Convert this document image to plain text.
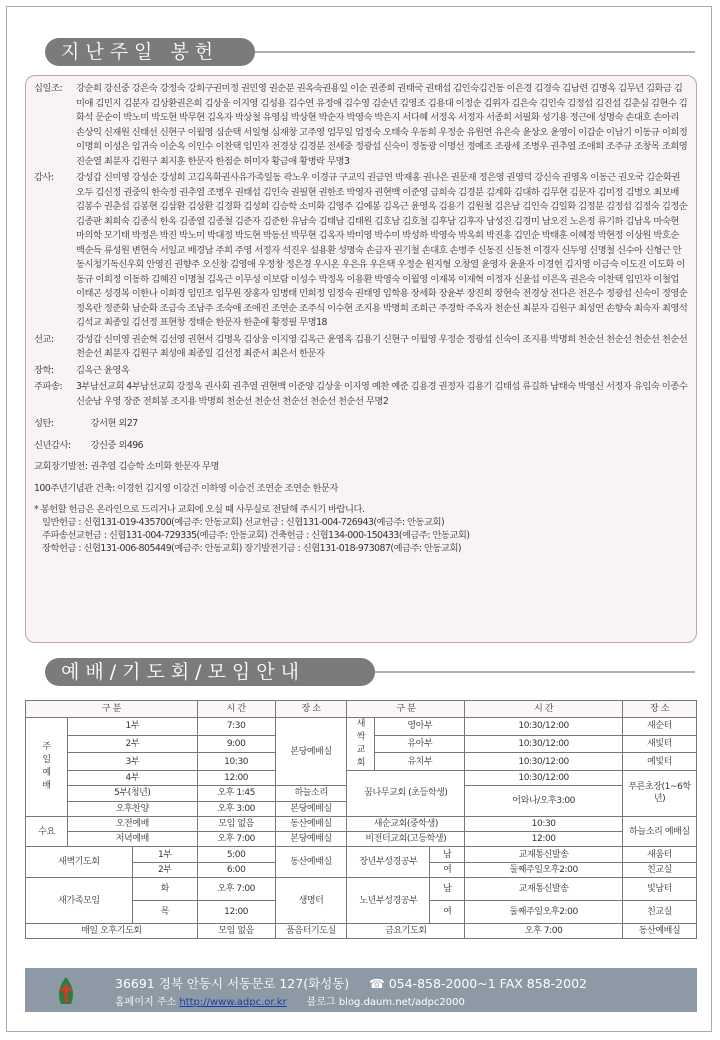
지난주일 봉헌
십일조:	강순희 강신중 강은숙 강정숙 강희구권미정 권민영 권순분 권옥숙권용일 이순 권종희 권태국 권태섭 김인숙김건동 이은경 김경숙 김남련 김명옥 김무년 김화금 김미애 김민지 김분자 김상환권은희 김상웅 이지영 김성용 김수연 유정애 김수영 김순년 김영조 김용대 이정순 김위자 김은숙 김인숙 김정섭 김진섭 김춘심 김현수 김화석 문순이 박노미 박도현 박무현 김옥자 박상철 유영심 박상현 박순자 박영숙 박은지 서다혜 서정옥 서정자 서종희 서필화 성기용 정근애 성명숙 손대호 손아리 손상익 신재원 신태선 신현구 이월영 심순택 서일형 심재창 고주영 엄무일 엄정숙 오태숙 우동희 우정순 유원연 유은숙 윤상오 윤영이 이갑순 이남기 이동규 이희정 이명희 이성은 임귀숙 이순옥 이인수 이찬택 임민자 전경상 김경분 전세중 정광섭 신숙이 정동광 이명선 정예조 조광세 조병우 권추열 조애희 조주규 조창목 조희영 진순열 최분자 김원구 최지훈 한문자 한점순 허미자 황금애 황병락 무명3
감사:	강성갑 신미영 강성순 강성희 고김옥화권사유가족일동 곽노우 이경규 구교익 권금연 박재홍 권나은 권문재 정은영 권영덕 강신숙 권영옥 이동근 권오국 김순화권오두 김신정 권중익 한숙정 권추열 조병우 권태섭 김인숙 권필현 권한조 박영자 권현백 이준영 금희숙 김경분 김계화 김대하 김무현 김문자 김미정 김병오 최보배 김봉수 권춘섭 김봉현 김삼환 김상환 김경화 김성희 김승학 소미화 김영주 김예봉 김옥근 윤영옥 김용기 김원철 김은남 김인숙 김일화 김정분 김정섭 김정숙 김정순 김종판 최희숙 김종식 한옥 김종열 김종철 김준자 김준한 유남숙 김태남 김태원 김호남 김호철 김후남 김후자 남성진 김경미 남오진 노은정 류기하 김남옥 마숙현 마의학 모기태 박정은 박진 박노미 박대정 박도현 박동선 박무현 김옥자 박미영 박수미 박성하 박영숙 박옥희 박진홍 김민순 박태훈 이혜정 박현정 이상원 박호순 백순득 류성원 변현숙 서일교 배경남 주희 주영 서정자 석진우 설용환 성명숙 손금자 권기철 손대호 손병주 신동진 신동천 이경자 신두영 신명철 신수아 신형근 안동시청기독신우회 안영진 권향주 오신창 김영애 우정창 정은경 우시온 우은유 우은택 우정순 원지형 오창열 윤영자 윤윤자 이경헌 김지영 이금숙 이도진 이도화 이동규 이희정 이동하 김혜진 이명철 김옥근 이무성 이보람 이성수 박정옥 이용환 박영숙 이월영 이재복 이재혁 이정자 신윤섭 이은옥 권은숙 이찬택 임민자 이철업 이태곤 성경복 이한나 이희경 임민조 임무원 장홍자 임병태 민희정 임정숙 권태영 임학용 장세화 장윤부 장진희 장현숙 전경상 전다은 전은수 정광섭 신숙이 정영순 정옥란 정준화 남순화 조금숙 조남주 조숙애 조애진 조연순 조주식 이수현 조지용 박명희 조희근 주경학 주옥자 천순선 최분자 김원구 최성연 손향숙 최숙자 최영석 김석교 최종일 김선정 표현창 정태순 한문자 한춘애 황정필 무명18
선교:	강성갑 신미영 권순혁 김선영 권현서 김명옥 김상웅 이지영 김옥근 윤영옥 김용기 신현구 이월영 우정순 정광섭 신숙이 조지용 박명희 천순선 천순선 천순선 천순선 천순선 최분자 김원구 최성애 최종일 김선정 최준서 최은서 한문자
장학:	김옥근 윤영옥
주파송:	3부남선교회 4부남선교회 강정옥 권사회 권추열 권현백 이준양 김상웅 이지영 예찬 예준 김용경 권정자 김용기 김태섭 류길하 남태숙 박영신 서정자 유임숙 이종수 신순남 우영 장준 전희봉 조지용 박명희 천순선 천순선 천순선 천순선 천순선 무명2
성탄:	강서현 외27
신년감사: 강신중 외496
교회장기발전: 권추열 김승학 소미화 한문자 무명
100주년기념관 건축: 이경헌 김지영 이강건 이하영 이승건 조연순 조연순 한문자
* 봉헌할 헌금은 온라인으로 드리거나 교회에 오실 때 사무실로 전달해 주시기 바랍니다.
일반헌금 : 신협131-019-435700(예금주: 안동교회) 선교헌금 : 신협131-004-726943(예금주: 안동교회)
주파송선교헌금 : 신협131-004-729335(예금주: 안동교회) 건축헌금 : 신협134-000-150433(예금주: 안동교회)
장학헌금 : 신협131-006-805449(예금주: 안동교회) 장기발전기금 : 신협131-018-973087(예금주: 안동교회)
예배/기도회/모임안내
구 분			시 간	장 소	구 분			시 간	장 소

주일예배	1부		7:30	본당예배실	새싹교회	영아부		10:30/12:00	새순터
	2부		9:00			유아부		10:30/12:00	새빛터
	3부		10:30			유치부		10:30/12:00	예빛터
	4부		12:00		꿈나무교회 (초등학생)			10:30/12:00	푸른초장(1~6학년)
	5부(청년)		오후 1:45	하늘소리				어와나/오후3:00	
	오후찬양		오후 3:00	본당예배실					
수요	오전예배		모임 없음	동산예배실	새순교회(중학생)			10:30	하늘소리 예배실
	저녁예배		오후 7:00	본당예배실	비전터교회(고등학생)			12:00	
새벽기도회		1부	5:00	동산예배실	장년부성경공부		남	교재통신발송	새움터
		2부	6:00				여	둘째주일오후2:00	친교실
새가족모임		화	오후 7:00	생명터	노년부성경공부		남	교재통신발송	빛남터
		목	12:00				여	둘째주일오후2:00	친교실
매일 오후기도회			모임 없음	품음터기도실	금요기도회			오후 7:00	동산예배실
36691 경북 안동시 서동문로 127(화성동) ☎ 054-858-2000~1 FAX 858-2002
홈페이지 주소 http://www.adpc.or.kr 블로그 blog.daum.net/adpc2000
